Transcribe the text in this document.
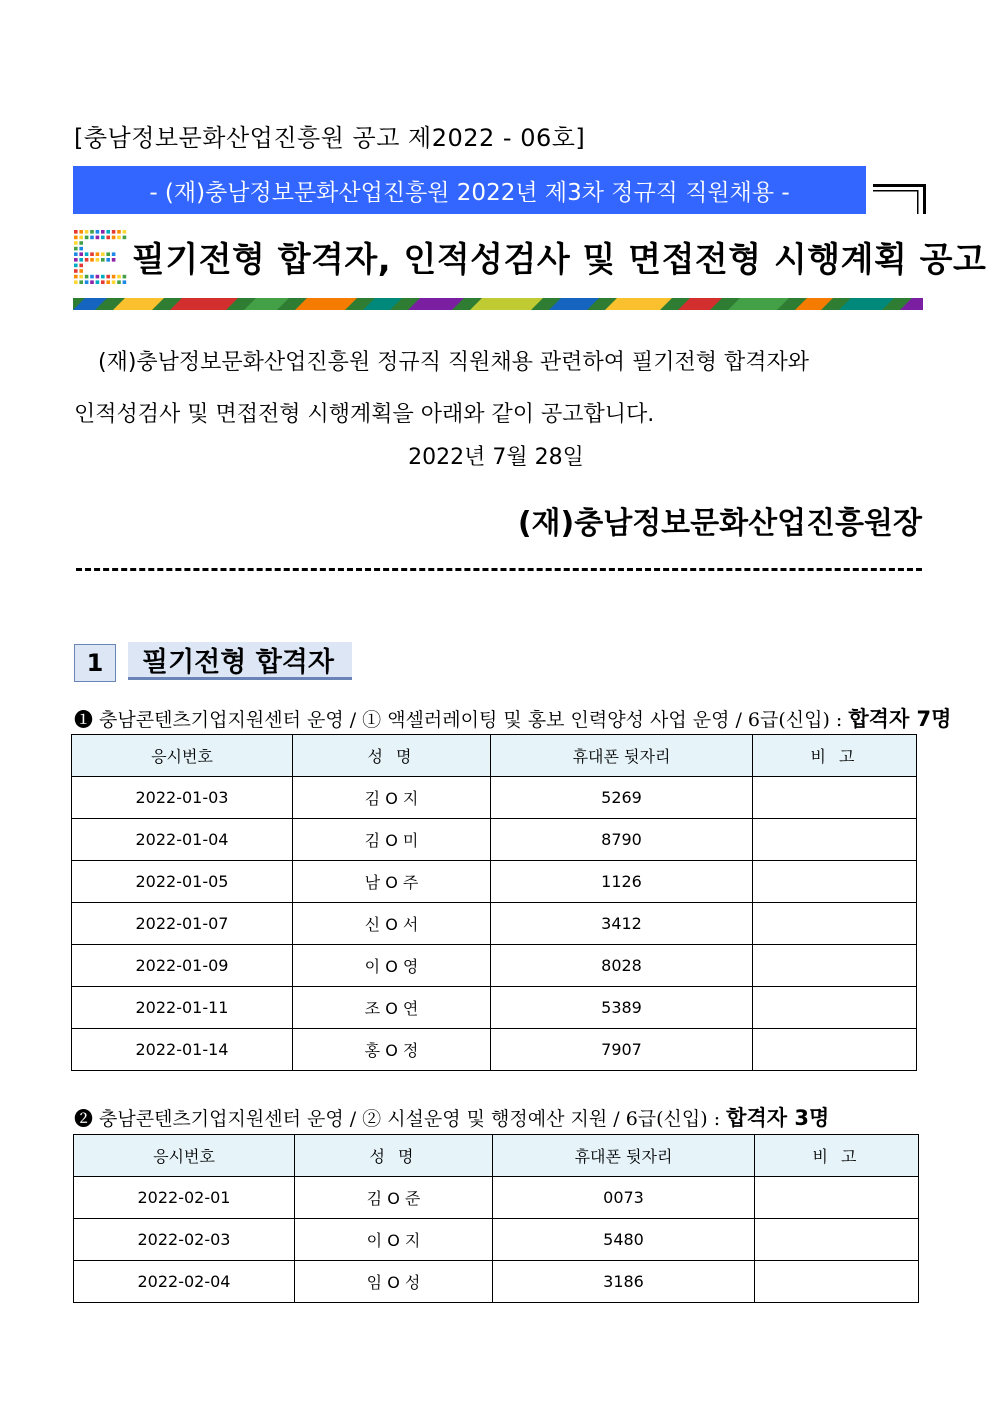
[충남정보문화산업진흥원 공고 제2022 - 06호]
- (재)충남정보문화산업진흥원 2022년 제3차 정규직 직원채용 -
필기전형 합격자, 인적성검사 및 면접전형 시행계획 공고
(재)충남정보문화산업진흥원 정규직 직원채용 관련하여 필기전형 합격자와
인적성검사 및 면접전형 시행계획을 아래와 같이 공고합니다.
2022년 7월 28일
(재)충남정보문화산업진흥원장
1	필기전형 합격자
❶ 충남콘텐츠기업지원센터 운영 / ① 액셀러레이팅 및 홍보 인력양성 사업 운영 / 6급(신입) : 합격자 7명
응시번호	성 명	휴대폰 뒷자리	비 고
2022-01-03	김 O 지	5269	
2022-01-04	김 O 미	8790	
2022-01-05	남 O 주	1126	
2022-01-07	신 O 서	3412	
2022-01-09	이 O 영	8028	
2022-01-11	조 O 연	5389	
2022-01-14	홍 O 정	7907	
❷ 충남콘텐츠기업지원센터 운영 / ② 시설운영 및 행정예산 지원 / 6급(신입) : 합격자 3명
응시번호	성 명	휴대폰 뒷자리	비 고
2022-02-01	김 O 준	0073	
2022-02-03	이 O 지	5480	
2022-02-04	임 O 성	3186	
